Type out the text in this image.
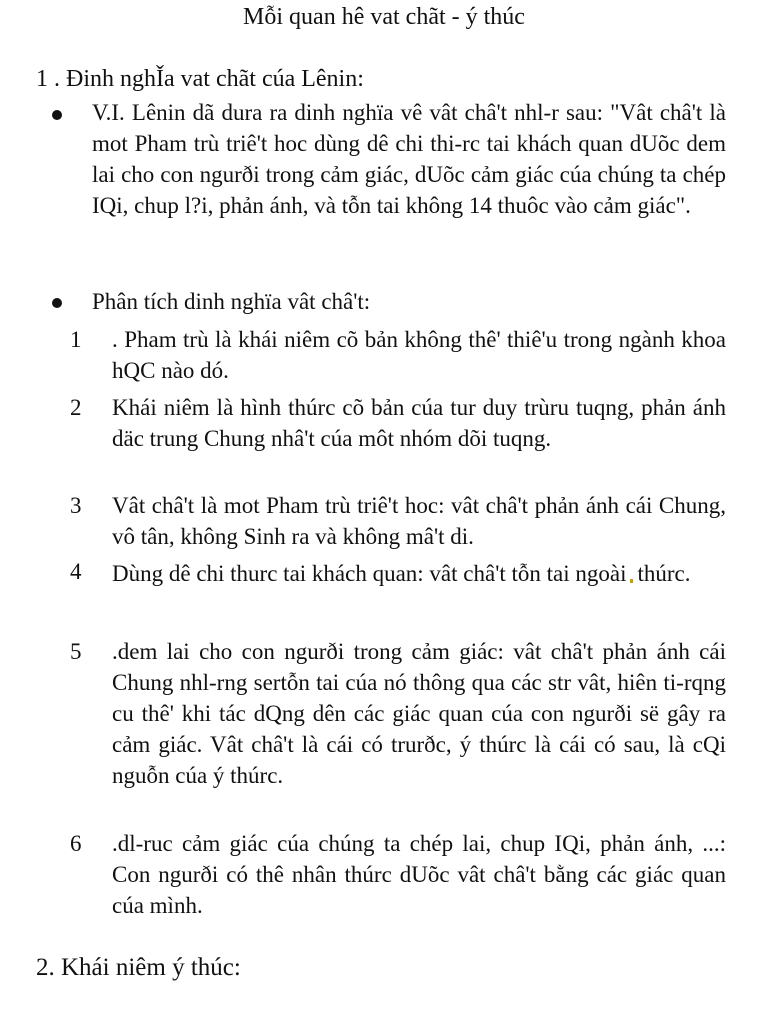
Mỗi quan hê vat chãt - ý thúc
1 . Đinh nghǏa vat chãt cúa Lênin:
V.I. Lênin dã dura ra dinh nghïa vê vât châ't nhl-r sau: "Vât châ't là mot Pham trù triê't hoc dùng dê chi thi-rc tai khách quan dUõc dem lai cho con ngurði trong cảm giác, dUõc cảm giác cúa chúng ta chép IQi, chup l?i, phản ánh, và tỗn tai không 14 thuôc vào cảm giác".
Phân tích dinh nghïa vât châ't:
1	. Pham trù là khái niêm cõ bản không thê' thiê'u trong ngành khoa hQC nào dó.
2	Khái niêm là hình thúrc cõ bản cúa tur duy trùru tuqng, phản ánh däc trung Chung nhâ't cúa môt nhóm dõi tuqng.
3	Vât châ't là mot Pham trù triê't hoc: vât châ't phản ánh cái Chung, vô tân, không Sinh ra và không mâ't di.
4	Dùng dê chi thurc tai khách quan: vât châ't tỗn tai ngoài thúrc.
5	.dem lai cho con ngurði trong cảm giác: vât châ't phản ánh cái Chung nhl-rng sertỗn tai cúa nó thông qua các str vât, hiên ti-rqng cu thê' khi tác dQng dên các giác quan cúa con ngurði së gây ra cảm giác. Vât châ't là cái có trurðc, ý thúrc là cái có sau, là cQi nguỗn cúa ý thúrc.
6	.dl-ruc cảm giác cúa chúng ta chép lai, chup IQi, phản ánh, ...: Con ngurði có thê nhân thúrc dUõc vât châ't bằng các giác quan cúa mình.
2. Khái niêm ý thúc:
